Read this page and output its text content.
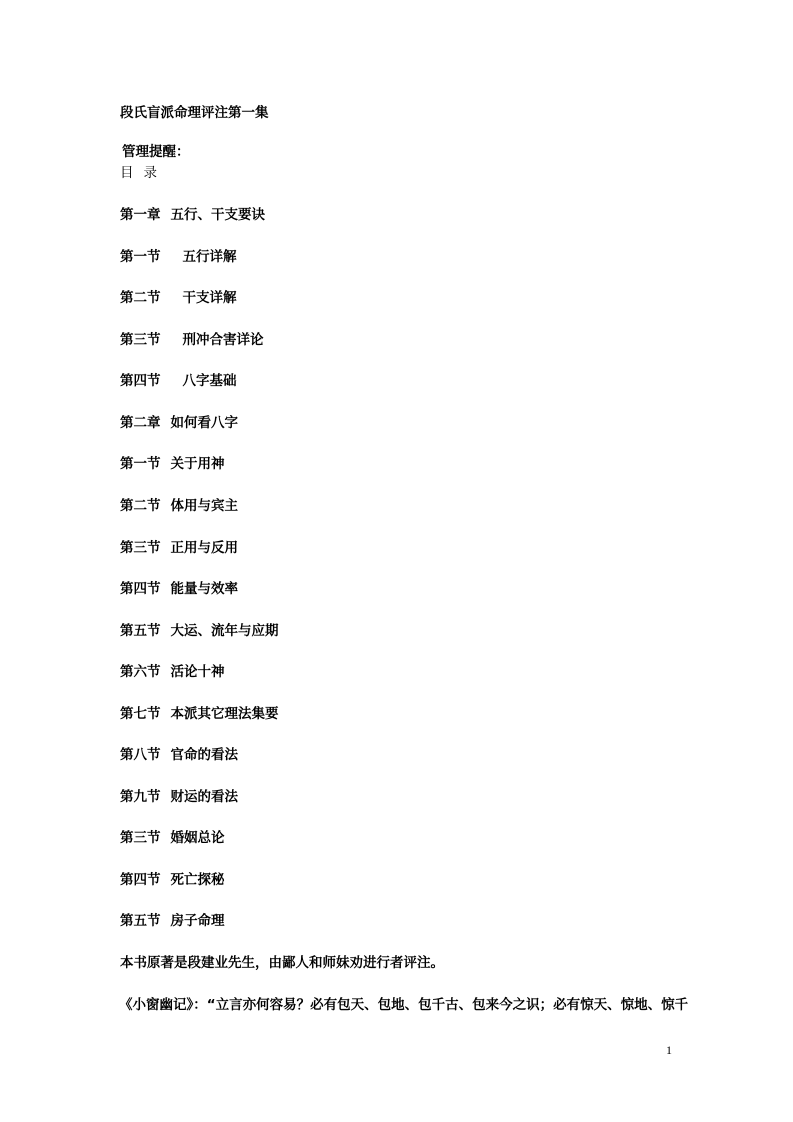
段氏盲派命理评注第一集
管理提醒：
目 录
第一章 五行、干支要诀
第一节 五行详解
第二节 干支详解
第三节 刑冲合害详论
第四节 八字基础
第二章 如何看八字
第一节 关于用神
第二节 体用与宾主
第三节 正用与反用
第四节 能量与效率
第五节 大运、流年与应期
第六节 活论十神
第七节 本派其它理法集要
第八节 官命的看法
第九节 财运的看法
第三节 婚姻总论
第四节 死亡探秘
第五节 房子命理
本书原著是段建业先生，由鄙人和师妹劝进行者评注。
《小窗幽记》：“立言亦何容易？必有包天、包地、包千古、包来今之识；必有惊天、惊地、惊千
1
